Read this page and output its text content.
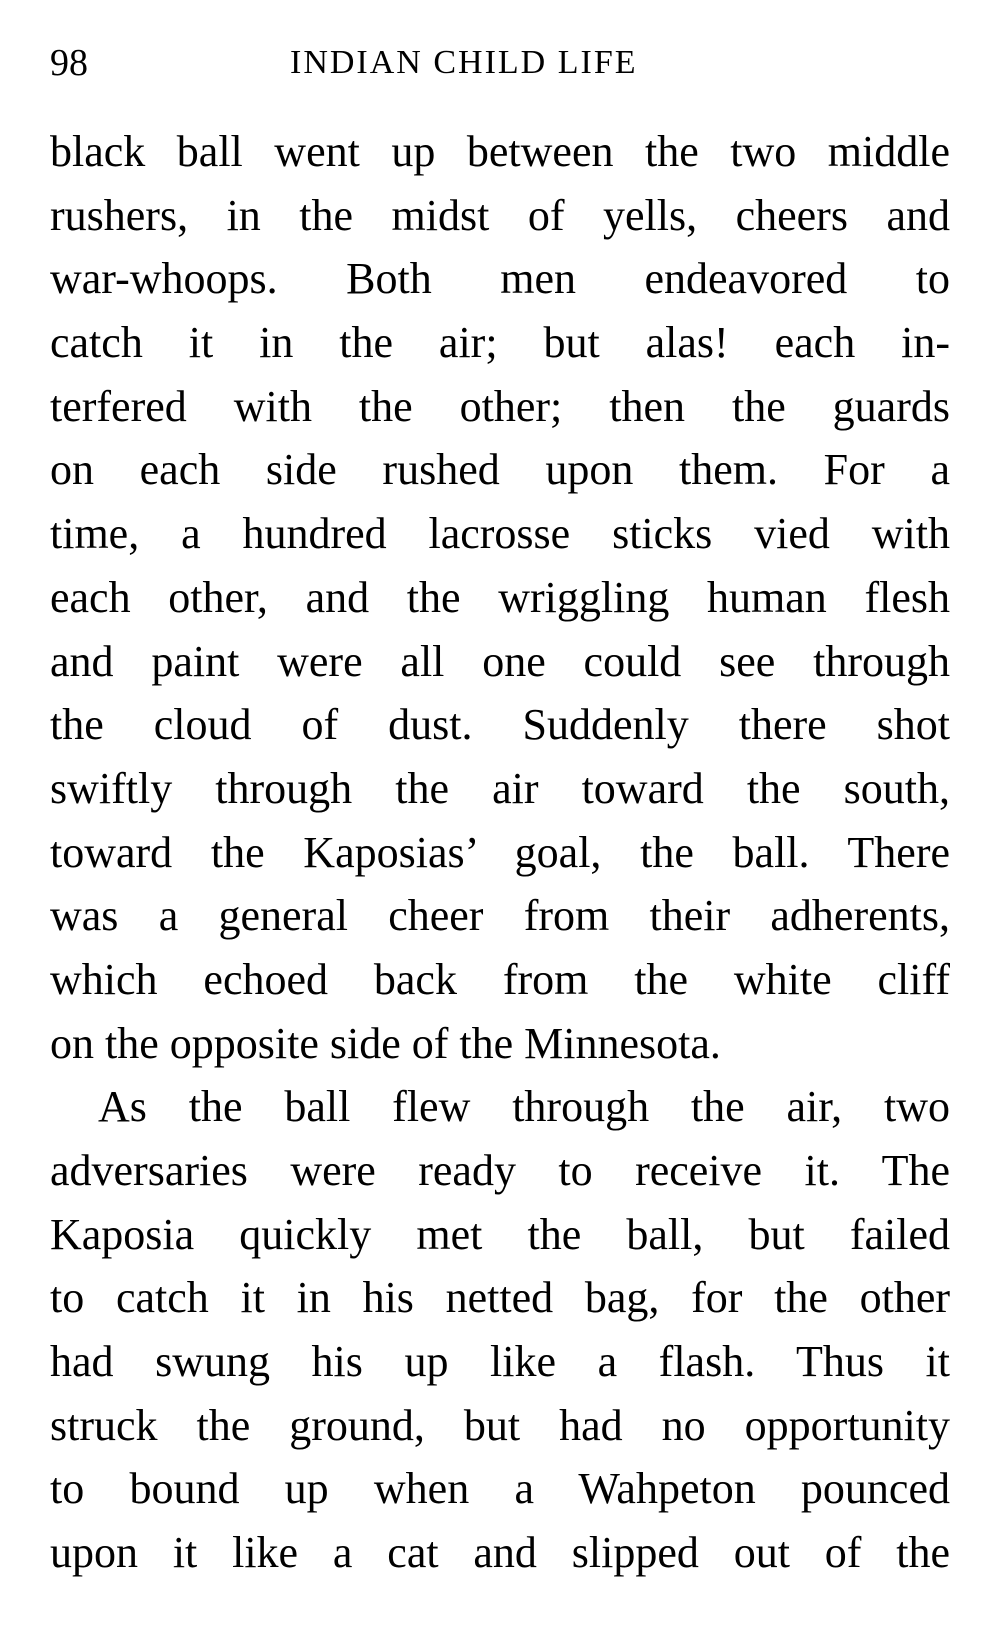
98	INDIAN CHILD LIFE
black ball went up between the two middle
rushers, in the midst of yells, cheers and
war-whoops. Both men endeavored to
catch it in the air; but alas! each in-
terfered with the other; then the guards
on each side rushed upon them. For a
time, a hundred lacrosse sticks vied with
each other, and the wriggling human flesh
and paint were all one could see through
the cloud of dust. Suddenly there shot
swiftly through the air toward the south,
toward the Kaposias’ goal, the ball. There
was a general cheer from their adherents,
which echoed back from the white cliff
on the opposite side of the Minnesota.
As the ball flew through the air, two
adversaries were ready to receive it. The
Kaposia quickly met the ball, but failed
to catch it in his netted bag, for the other
had swung his up like a flash. Thus it
struck the ground, but had no opportunity
to bound up when a Wahpeton pounced
upon it like a cat and slipped out of the
